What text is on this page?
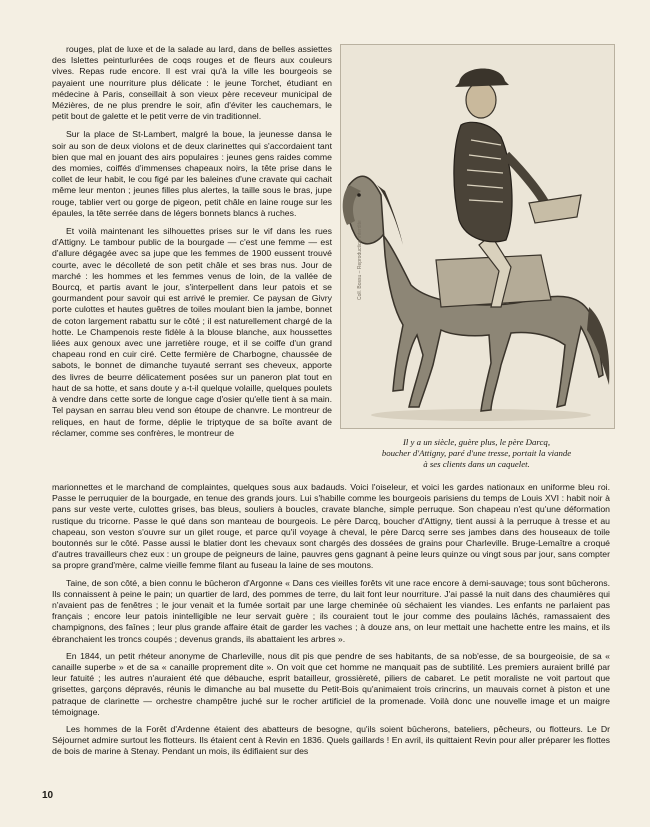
rouges, plat de luxe et de la salade au lard, dans de belles assiettes des Islettes peinturlurées de coqs rouges et de fleurs aux couleurs vives. Repas rude encore. Il est vrai qu'à la ville les bourgeois se payaient une nourriture plus délicate : le jeune Torchet, étudiant en médecine à Paris, conseillait à son vieux père receveur municipal de Mézières, de ne plus prendre le soir, afin d'éviter les cauchemars, le petit bout de galette et le petit verre de vin traditionnel.

Sur la place de St-Lambert, malgré la boue, la jeunesse dansa le soir au son de deux violons et de deux clarinettes qui s'accordaient tant bien que mal en jouant des airs populaires : jeunes gens raides comme des momies, coiffés d'immenses chapeaux noirs, la tête prise dans le collet de leur habit, le cou figé par les baleines d'une cravate qui cachait même leur menton ; jeunes filles plus alertes, la taille sous le bras, jupe rouge, tablier vert ou gorge de pigeon, petit châle en laine rouge sur les épaules, la tête serrée dans de légers bonnets blancs à ruches.

Et voilà maintenant les silhouettes prises sur le vif dans les rues d'Attigny. Le tambour public de la bourgade — c'est une femme — est d'allure dégagée avec sa jupe que les femmes de 1900 eussent trouvé courte, avec le décolleté de son petit châle et ses bras nus. Jour de marché : les hommes et les femmes venus de loin, de la vallée de Bourcq, et partis avant le jour, s'interpellent dans leur patois et se gourmandent pour savoir qui est arrivé le premier. Ce paysan de Givry porte culottes et hautes guêtres de toiles moulant bien la jambe, bonnet de coton largement rabattu sur le côté ; il est naturellement chargé de la hotte. Le Champenois reste fidèle à la blouse blanche, aux houssettes liées aux genoux avec une jarretière rouge, et il se coiffe d'un grand chapeau rond en cuir ciré. Cette fermière de Charbogne, chaussée de sabots, le bonnet de dimanche tuyauté serrant ses cheveux, apporte des livres de beurre délicatement posées sur un paneron plat tout en haut de sa hotte, et sans doute y a-t-il quelque volaille, quelques poulets à vendre dans cette sorte de longue cage d'osier qu'elle tient à sa main. Tel paysan en sarrau bleu vend son étoupe de chanvre. Le montreur de reliques, en haut de forme, déplie le triptyque de sa boîte avant de réclamer, comme ses confrères, le montreur de

Coll. Bossu – Reproduction interdite
Il y a un siècle, guère plus, le père Darcq,
boucher d'Attigny, paré d'une tresse, portait la viande
à ses clients dans un caquelet.

marionnettes et le marchand de complaintes, quelques sous aux badauds. Voici l'oiseleur, et voici les gardes nationaux en uniforme bleu roi. Passe le perruquier de la bourgade, en tenue des grands jours. Lui s'habille comme les bourgeois parisiens du temps de Louis XVI : habit noir à pans sur veste verte, culottes grises, bas bleus, souliers à boucles, cravate blanche, simple perruque. Son chapeau n'est qu'une déformation rustique du tricorne. Passe le qué dans son manteau de bourgeois. Le père Darcq, boucher d'Attigny, tient aussi à la perruque à tresse et au chapeau, son veston s'ouvre sur un gilet rouge, et parce qu'il voyage à cheval, le père Darcq serre ses jambes dans des houseaux de toile boutonnés sur le côté. Passe aussi le blatier dont les chevaux sont chargés des dossées de grains pour Charleville. Bruge-Lemaître a croqué d'autres travailleurs chez eux : un groupe de peigneurs de laine, pauvres gens gagnant à peine leurs quinze ou vingt sous par jour, sans compter sa propre grand'mère, calme vieille femme filant au fuseau la laine de ses moutons.

Taine, de son côté, a bien connu le bûcheron d'Argonne « Dans ces vieilles forêts vit une race encore à demi-sauvage; tous sont bûcherons. Ils connaissent à peine le pain; un quartier de lard, des pommes de terre, du lait font leur nourriture. J'ai passé la nuit dans des chaumières qui n'avaient pas de fenêtres ; le jour venait et la fumée sortait par une large cheminée où séchaient les viandes. Les enfants ne parlaient pas français ; encore leur patois inintelligible ne leur servait guère ; ils couraient tout le jour comme des poulains lâchés, ramassaient des champignons, des faînes ; leur plus grande affaire était de garder les vaches ; à douze ans, on leur mettait une hachette entre les mains, et ils ébranchaient les troncs coupés ; devenus grands, ils abattaient les arbres ».

En 1844, un petit rhéteur anonyme de Charleville, nous dit pis que pendre de ses habitants, de sa nob'esse, de sa bourgeoisie, de sa « canaille superbe » et de sa « canaille proprement dite ». On voit que cet homme ne manquait pas de subtilité. Les premiers auraient brillé par leur fatuité ; les autres n'auraient été que débauche, esprit batailleur, grossièreté, piliers de cabaret. Le petit moraliste ne voit partout que grisettes, garçons dépravés, réunis le dimanche au bal musette du Petit-Bois qu'animaient trois crincrins, un mauvais cornet à piston et une patraque de clarinette — orchestre champêtre juché sur le rocher artificiel de la promenade. Voilà donc une nouvelle image et un maigre témoignage.

Les hommes de la Forêt d'Ardenne étaient des abatteurs de besogne, qu'ils soient bûcherons, bateliers, pêcheurs, ou flotteurs. Le Dr Séjournet admire surtout les flotteurs. Ils étaient cent à Revin en 1836. Quels gaillards ! En avril, ils quittaient Revin pour aller préparer les flottes de bois de marine à Stenay. Pendant un mois, ils édifiaient sur des

10
